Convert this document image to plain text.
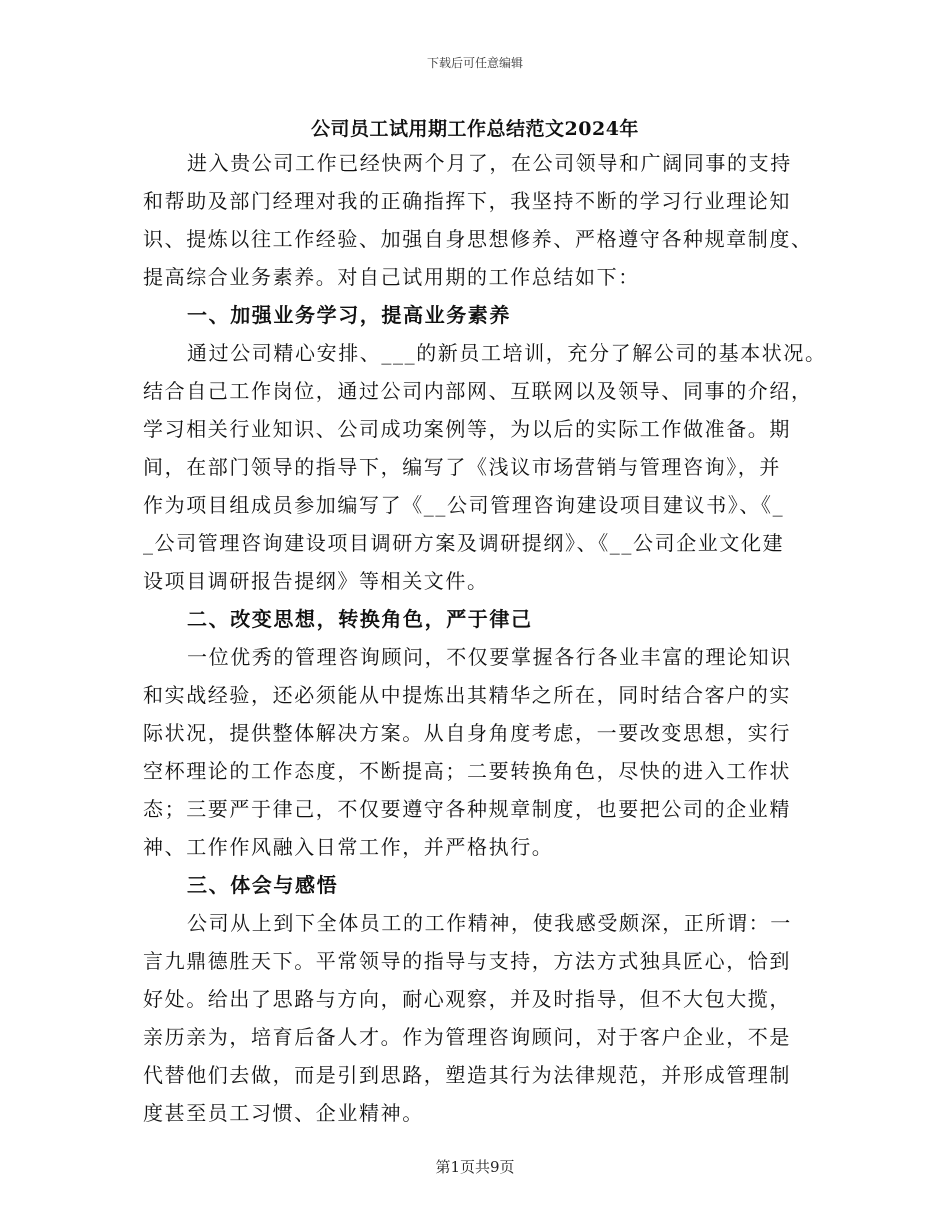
下载后可任意编辑
公司员工试用期工作总结范文2024年
进入贵公司工作已经快两个月了，在公司领导和广阔同事的支持
和帮助及部门经理对我的正确指挥下，我坚持不断的学习行业理论知
识、提炼以往工作经验、加强自身思想修养、严格遵守各种规章制度、
提高综合业务素养。对自己试用期的工作总结如下：
一、加强业务学习，提高业务素养
通过公司精心安排、___的新员工培训，充分了解公司的基本状况。
结合自己工作岗位，通过公司内部网、互联网以及领导、同事的介绍，
学习相关行业知识、公司成功案例等，为以后的实际工作做准备。期
间，在部门领导的指导下，编写了《浅议市场营销与管理咨询》，并
作为项目组成员参加编写了《__公司管理咨询建设项目建议书》、《_
_公司管理咨询建设项目调研方案及调研提纲》、《__公司企业文化建
设项目调研报告提纲》等相关文件。
二、改变思想，转换角色，严于律己
一位优秀的管理咨询顾问，不仅要掌握各行各业丰富的理论知识
和实战经验，还必须能从中提炼出其精华之所在，同时结合客户的实
际状况，提供整体解决方案。从自身角度考虑，一要改变思想，实行
空杯理论的工作态度，不断提高；二要转换角色，尽快的进入工作状
态；三要严于律己，不仅要遵守各种规章制度，也要把公司的企业精
神、工作作风融入日常工作，并严格执行。
三、体会与感悟
公司从上到下全体员工的工作精神，使我感受颇深，正所谓：一
言九鼎德胜天下。平常领导的指导与支持，方法方式独具匠心，恰到
好处。给出了思路与方向，耐心观察，并及时指导，但不大包大揽，
亲历亲为，培育后备人才。作为管理咨询顾问，对于客户企业，不是
代替他们去做，而是引到思路，塑造其行为法律规范，并形成管理制
度甚至员工习惯、企业精神。
第1页共9页
